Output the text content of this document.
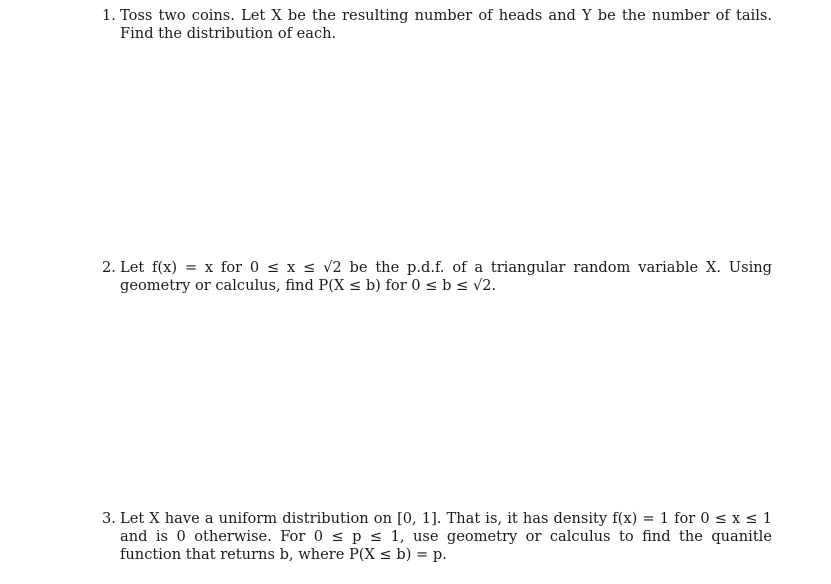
1. Toss two coins. Let X be the resulting number of heads and Y be the number of tails. Find the distribution of each.
2. Let f(x) = x for 0 ≤ x ≤ √2 be the p.d.f. of a triangular random variable X. Using geometry or calculus, find P(X ≤ b) for 0 ≤ b ≤ √2.
3. Let X have a uniform distribution on [0, 1]. That is, it has density f(x) = 1 for 0 ≤ x ≤ 1 and is 0 otherwise. For 0 ≤ p ≤ 1, use geometry or calculus to find the quanitle function that returns b, where P(X ≤ b) = p.
